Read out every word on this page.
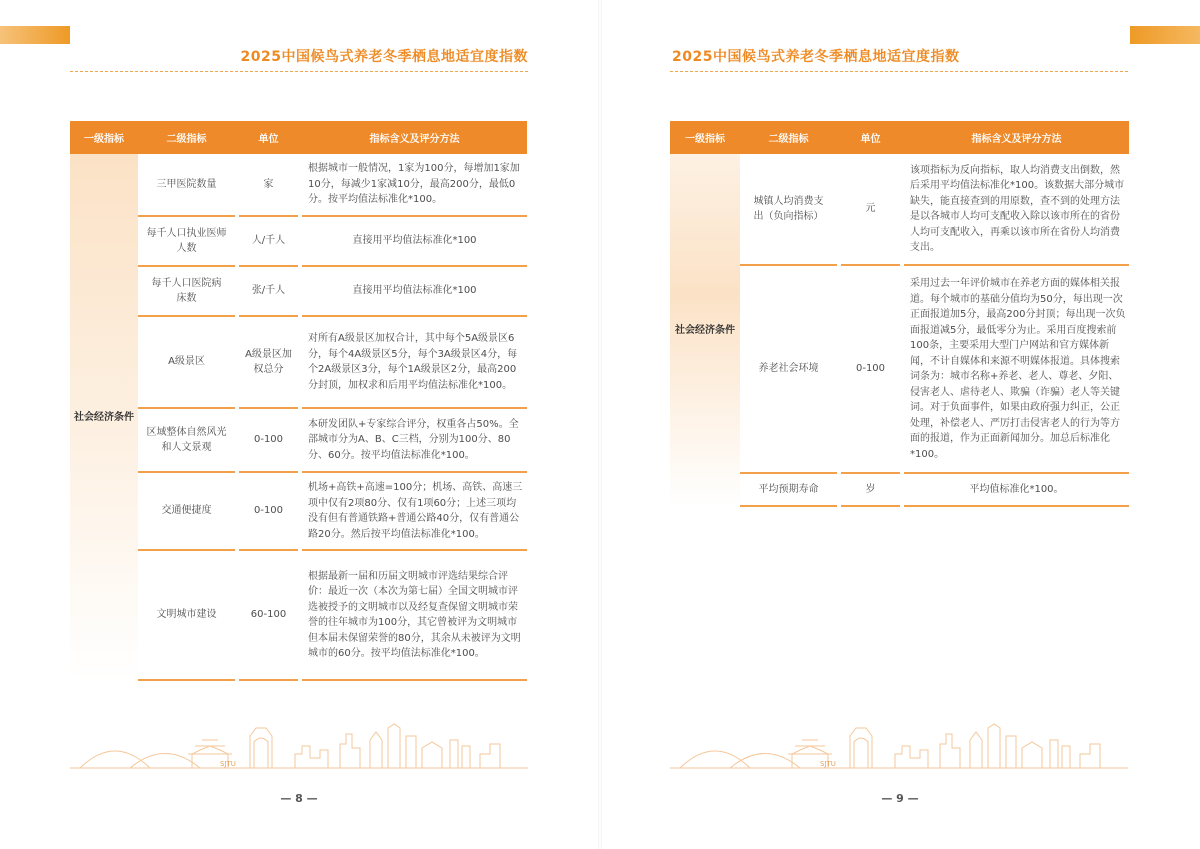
2025中国候鸟式养老冬季栖息地适宜度指数
一级指标	二级指标		单位		指标含义及评分方法
社会经济条件	三甲医院数量		家		根据城市一般情况，1家为100分，每增加1家加10分，每减少1家减10分，最高200分，最低0分。按平均值法标准化*100。
	每千人口执业医师人数		人/千人		直接用平均值法标准化*100
	每千人口医院病床数		张/千人		直接用平均值法标准化*100
	A级景区		A级景区加权总分		对所有A级景区加权合计，其中每个5A级景区6分，每个4A级景区5分，每个3A级景区4分，每个2A级景区3分，每个1A级景区2分，最高200分封顶，加权求和后用平均值法标准化*100。
	区域整体自然风光和人文景观		0-100		本研发团队+专家综合评分，权重各占50%。全部城市分为A、B、C三档，分别为100分、80分、60分。按平均值法标准化*100。
	交通便捷度		0-100		机场+高铁+高速=100分；机场、高铁、高速三项中仅有2项80分、仅有1项60分；上述三项均没有但有普通铁路+普通公路40分，仅有普通公路20分。然后按平均值法标准化*100。
	文明城市建设		60-100		根据最新一届和历届文明城市评选结果综合评价：最近一次（本次为第七届）全国文明城市评选被授予的文明城市以及经复查保留文明城市荣誉的往年城市为100分，其它曾被评为文明城市但本届未保留荣誉的80分，其余从未被评为文明城市的60分。按平均值法标准化*100。
SJTU
— 8 —
2025中国候鸟式养老冬季栖息地适宜度指数
一级指标	二级指标		单位		指标含义及评分方法
社会经济条件	城镇人均消费支出（负向指标）		元		该项指标为反向指标，取人均消费支出倒数，然后采用平均值法标准化*100。该数据大部分城市缺失，能直接查到的用原数，查不到的处理方法是以各城市人均可支配收入除以该市所在的省份人均可支配收入，再乘以该市所在省份人均消费支出。
	养老社会环境		0-100		采用过去一年评价城市在养老方面的媒体相关报道。每个城市的基础分值均为50分，每出现一次正面报道加5分，最高200分封顶；每出现一次负面报道减5分，最低零分为止。采用百度搜索前100条，主要采用大型门户网站和官方媒体新闻，不计自媒体和来源不明媒体报道。具体搜索词条为：城市名称+养老、老人、尊老、夕阳、侵害老人、虐待老人、欺骗（诈骗）老人等关键词。对于负面事件，如果由政府强力纠正，公正处理，补偿老人、严厉打击侵害老人的行为等方面的报道，作为正面新闻加分。加总后标准化*100。
	平均预期寿命		岁		平均值标准化*100。
SJTU
— 9 —
